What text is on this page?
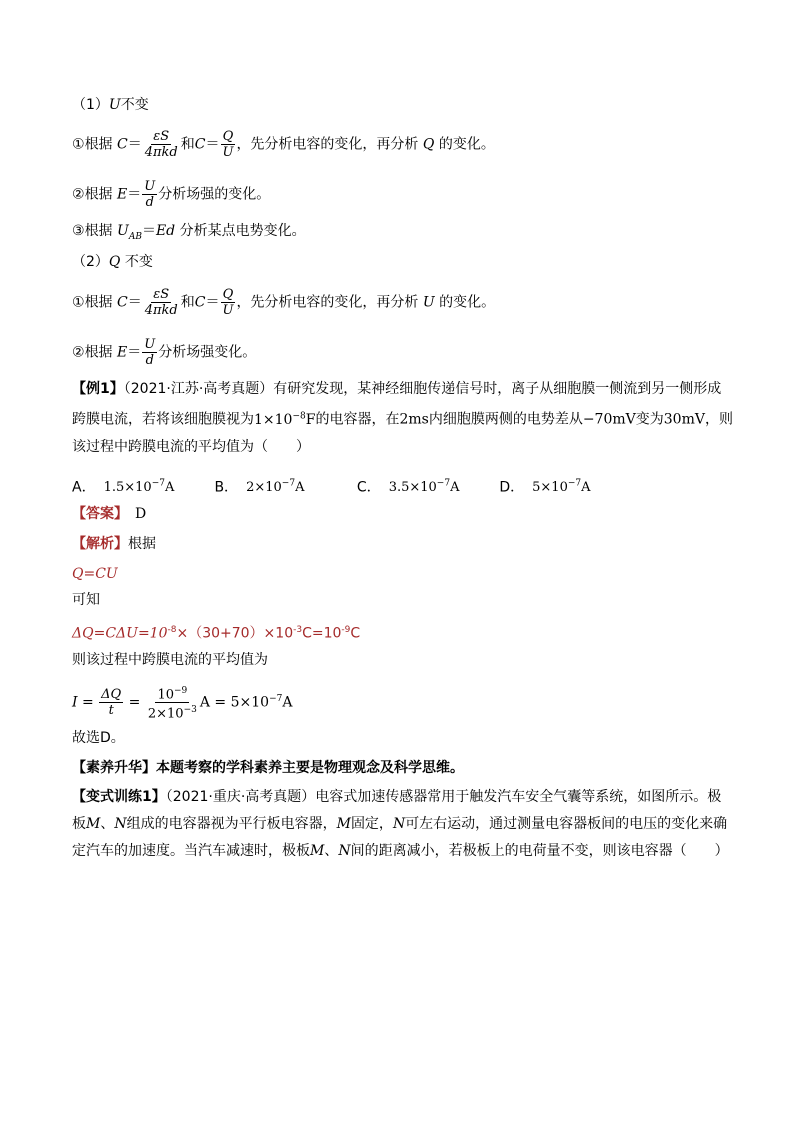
（1）U不变
①根据 $C= \frac{\varepsilon S}{\text{4πkd}}$ 和$C= \frac{Q}{U}$ ，先分析电容的变化，再分析 Q 的变化。
②根据 $E= \frac{U}{d}$ 分析场强的变化。
③根据 $U_{AB}=Ed$ 分析某点电势变化。
（2）Q 不变
①根据 $C= \frac{\varepsilon S}{\text{4πkd}}$ 和$C= \frac{Q}{U}$ ，先分析电容的变化，再分析 U 的变化。
②根据 $E= \frac{U}{d}$ 分析场强变化。
【例1】（2021·江苏·高考真题）有研究发现，某神经细胞传递信号时，离子从细胞膜一侧流到另一侧形成跨膜电流，若将该细胞膜视为$1\times 10^{-8}F$的电容器，在2ms内细胞膜两侧的电势差从−70mV变为30mV，则该过程中跨膜电流的平均值为（　　）
A． $1.5\times 10^{-7}A$	B． $2\times 10^{-7}A$	C． $3.5\times 10^{-7}A$	D． $5\times 10^{-7}A$
【答案】　 D
【解析】根据
Q=CU
可知
$\Delta Q=C\Delta U=10^{-8}\times(30+70)\times 10^{-3}C=10^{-9}C$
则该过程中跨膜电流的平均值为
$I = \frac{\Delta Q}{t} = \frac{10^{-9}}{2\times 10^{-3}}$ $A = 5\times 10^{-7}A$
故选D。
【素养升华】本题考察的学科素养主要是物理观念及科学思维。
【变式训练1】（2021·重庆·高考真题）电容式加速传感器常用于触发汽车安全气囊等系统，如图所示。极板M、N组成的电容器视为平行板电容器，M固定，N可左右运动，通过测量电容器板间的电压的变化来确定汽车的加速度。当汽车减速时，极板M、N间的距离减小，若极板上的电荷量不变，则该电容器（　　）
